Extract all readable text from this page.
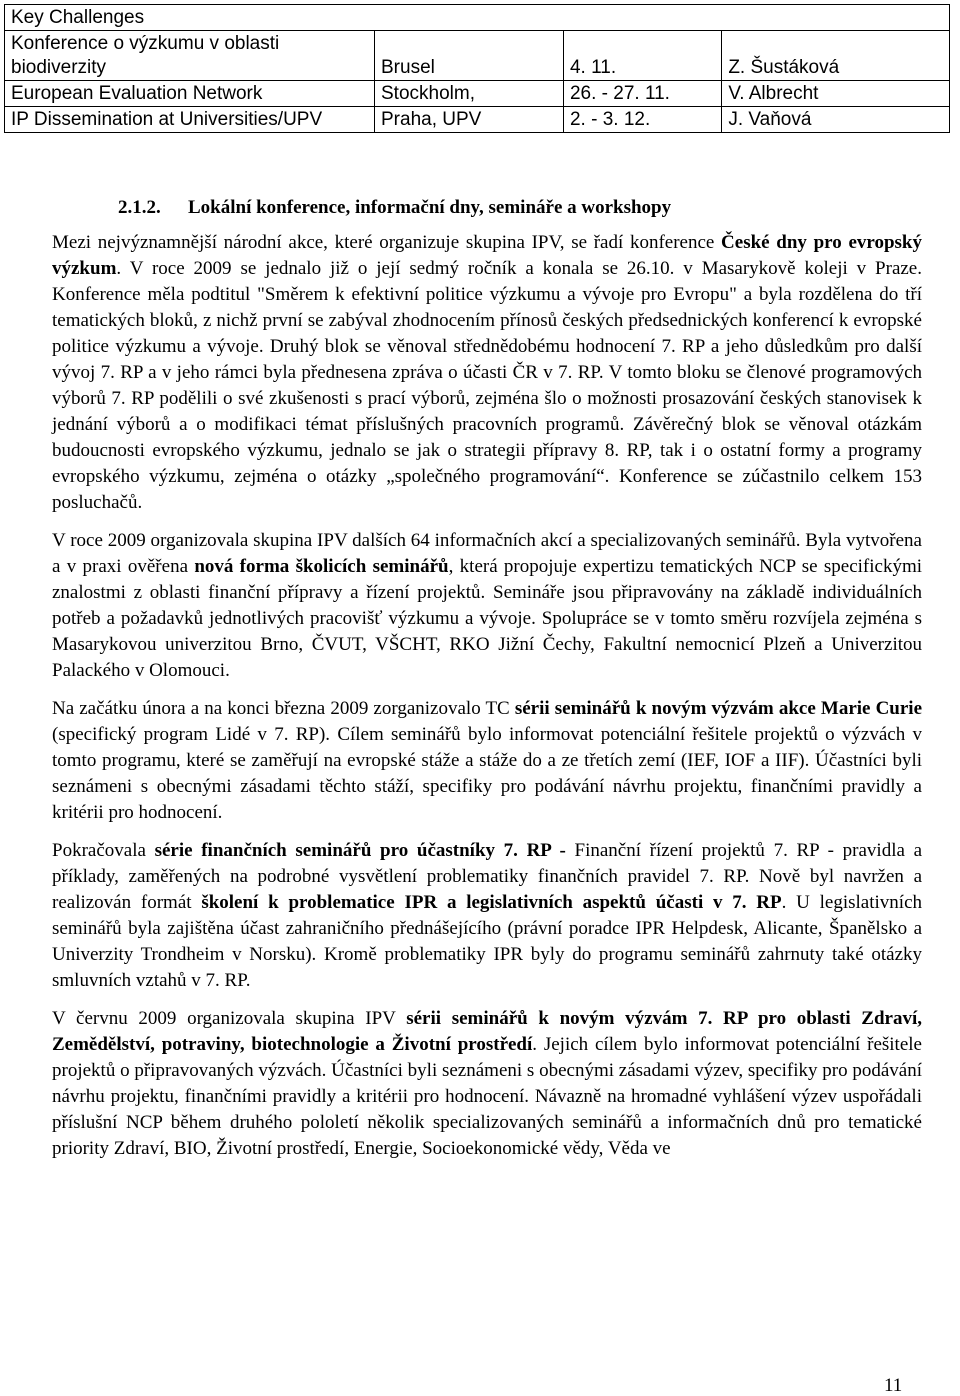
Key Challenges			
Konference o výzkumu v oblasti biodiverzity	Brusel	4. 11.	Z. Šustáková
European Evaluation Network	Stockholm,	26. - 27. 11.	V. Albrecht
IP Dissemination at Universities/UPV	Praha, UPV	2. - 3. 12.	J. Vaňová
2.1.2. Lokální konference, informační dny, semináře a workshopy

Mezi nejvýznamnější národní akce, které organizuje skupina IPV, se řadí konference České dny pro evropský výzkum. V roce 2009 se jednalo již o její sedmý ročník a konala se 26.10. v Masarykově koleji v Praze. Konference měla podtitul "Směrem k efektivní politice výzkumu a vývoje pro Evropu" a byla rozdělena do tří tematických bloků, z nichž první se zabýval zhodnocením přínosů českých předsednických konferencí k evropské politice výzkumu a vývoje. Druhý blok se věnoval střednědobému hodnocení 7. RP a jeho důsledkům pro další vývoj 7. RP a v jeho rámci byla přednesena zpráva o účasti ČR v 7. RP. V tomto bloku se členové programových výborů 7. RP podělili o své zkušenosti s prací výborů, zejména šlo o možnosti prosazování českých stanovisek k jednání výborů a o modifikaci témat příslušných pracovních programů. Závěrečný blok se věnoval otázkám budoucnosti evropského výzkumu, jednalo se jak o strategii přípravy 8. RP, tak i o ostatní formy a programy evropského výzkumu, zejména o otázky „společného programování“. Konference se zúčastnilo celkem 153 posluchačů.

V roce 2009 organizovala skupina IPV dalších 64 informačních akcí a specializovaných seminářů. Byla vytvořena a v praxi ověřena nová forma školicích seminářů, která propojuje expertizu tematických NCP se specifickými znalostmi z oblasti finanční přípravy a řízení projektů. Semináře jsou připravovány na základě individuálních potřeb a požadavků jednotlivých pracovišť výzkumu a vývoje. Spolupráce se v tomto směru rozvíjela zejména s Masarykovou univerzitou Brno, ČVUT, VŠCHT, RKO Jižní Čechy, Fakultní nemocnicí Plzeň a Univerzitou Palackého v Olomouci.

Na začátku února a na konci března 2009 zorganizovalo TC sérii seminářů k novým výzvám akce Marie Curie (specifický program Lidé v 7. RP). Cílem seminářů bylo informovat potenciální řešitele projektů o výzvách v tomto programu, které se zaměřují na evropské stáže a stáže do a ze třetích zemí (IEF, IOF a IIF). Účastníci byli seznámeni s obecnými zásadami těchto stáží, specifiky pro podávání návrhu projektu, finančními pravidly a kritérii pro hodnocení.

Pokračovala série finančních seminářů pro účastníky 7. RP - Finanční řízení projektů 7. RP - pravidla a příklady, zaměřených na podrobné vysvětlení problematiky finančních pravidel 7. RP. Nově byl navržen a realizován formát školení k problematice IPR a legislativních aspektů účasti v 7. RP. U legislativních seminářů byla zajištěna účast zahraničního přednášejícího (právní poradce IPR Helpdesk, Alicante, Španělsko a Univerzity Trondheim v Norsku). Kromě problematiky IPR byly do programu seminářů zahrnuty také otázky smluvních vztahů v 7. RP.

V červnu 2009 organizovala skupina IPV sérii seminářů k novým výzvám 7. RP pro oblasti Zdraví, Zemědělství, potraviny, biotechnologie a Životní prostředí. Jejich cílem bylo informovat potenciální řešitele projektů o připravovaných výzvách. Účastníci byli seznámeni s obecnými zásadami výzev, specifiky pro podávání návrhu projektu, finančními pravidly a kritérii pro hodnocení. Návazně na hromadné vyhlášení výzev uspořádali příslušní NCP během druhého pololetí několik specializovaných seminářů a informačních dnů pro tematické priority Zdraví, BIO, Životní prostředí, Energie, Socioekonomické vědy, Věda ve

11
